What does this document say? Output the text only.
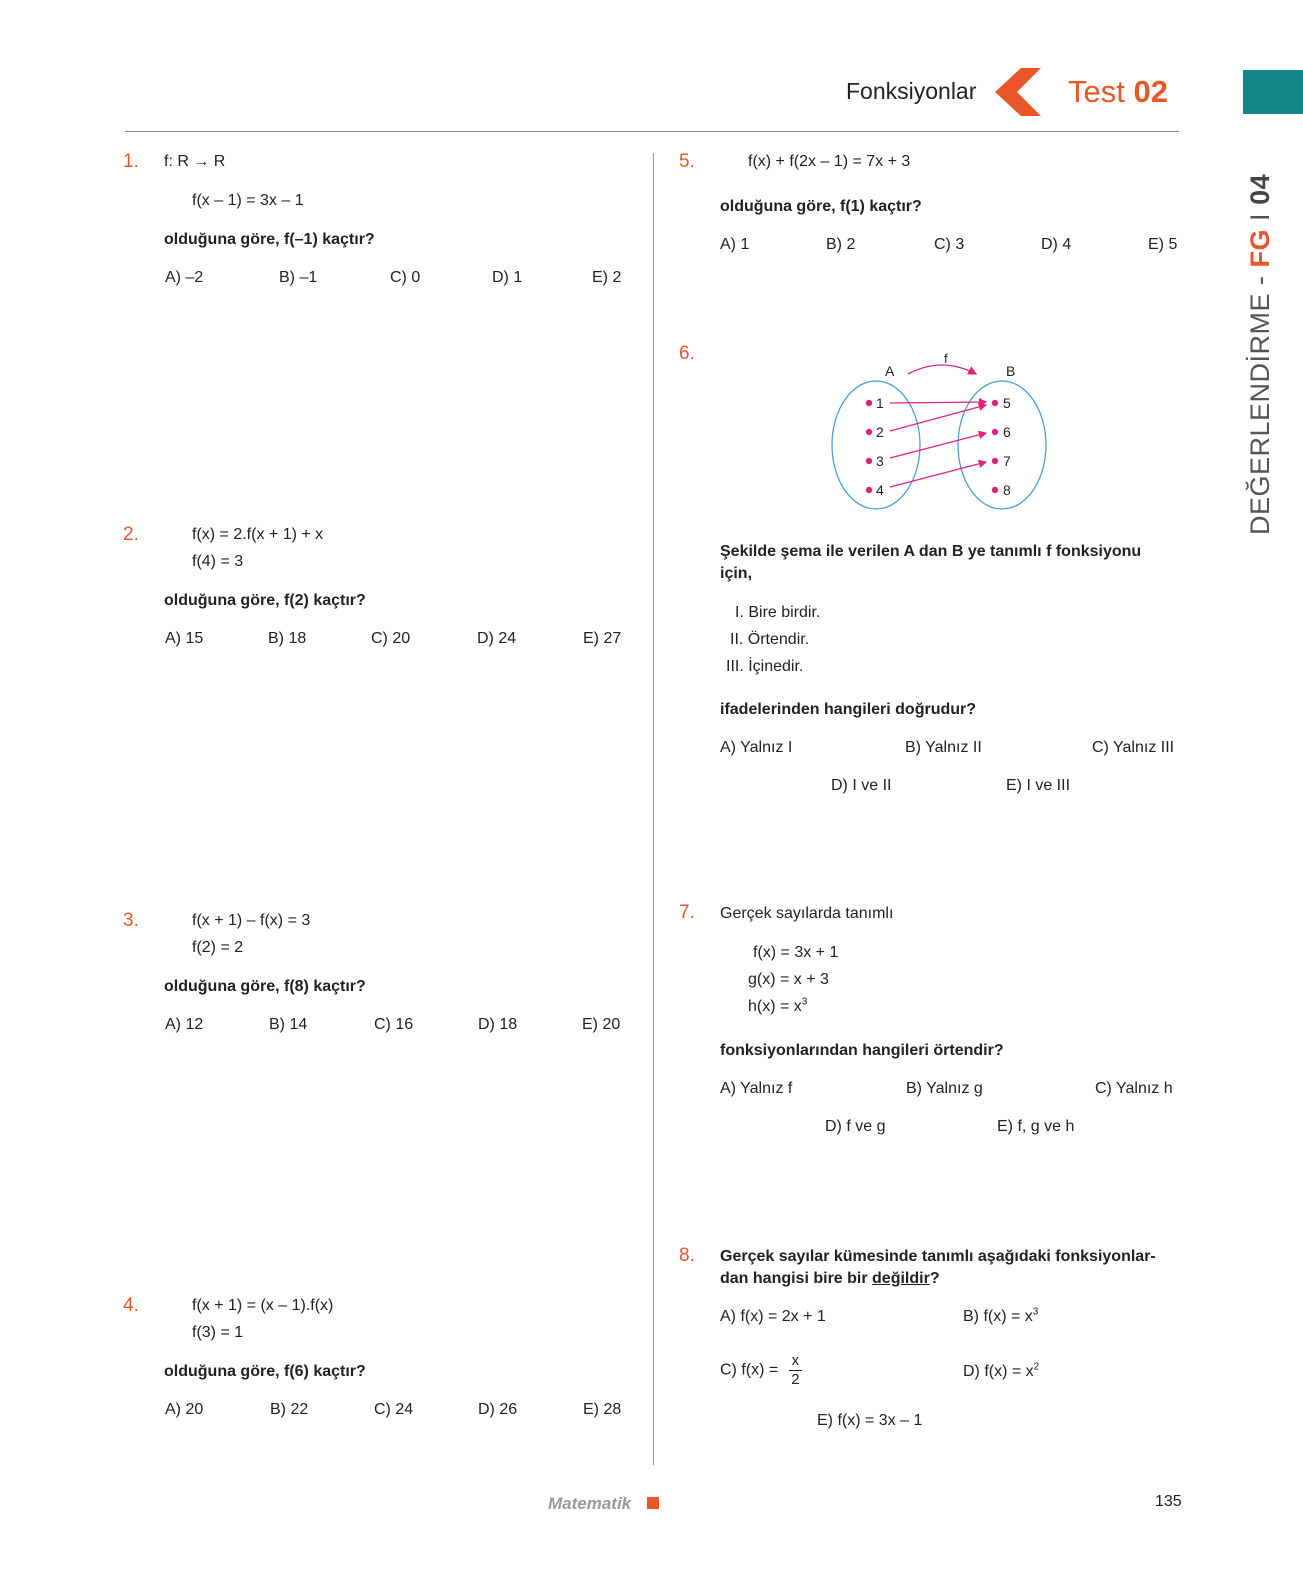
Fonksiyonlar	Test 02
DEĞERLENDİRME - FG I 04
1. f: R → R
f(x – 1) = 3x – 1
olduğuna göre, f(–1) kaçtır?
A) –2	B) –1	C) 0	D) 1	E) 2
2.	f(x) = 2.f(x + 1) + x
f(4) = 3
olduğuna göre, f(2) kaçtır?
A) 15	B) 18	C) 20	D) 24	E) 27
3.	f(x + 1) – f(x) = 3
f(2) = 2
olduğuna göre, f(8) kaçtır?
A) 12	B) 14	C) 16	D) 18	E) 20
4.	f(x + 1) = (x – 1).f(x)
f(3) = 1
olduğuna göre, f(6) kaçtır?
A) 20	B) 22	C) 24	D) 26	E) 28
5.	f(x) + f(2x – 1) = 7x + 3
olduğuna göre, f(1) kaçtır?
A) 1	B) 2	C) 3	D) 4	E) 5
6.
A	B
f
1
2
3
4
5
6
7
8
Şekilde şema ile verilen A dan B ye tanımlı f fonksiyonu
için,
I. Bire birdir.
II. Örtendir.
III. İçinedir.
ifadelerinden hangileri doğrudur?
A) Yalnız I	B) Yalnız II	C) Yalnız III
D) I ve II	E) I ve III
7. Gerçek sayılarda tanımlı
f(x) = 3x + 1
g(x) = x + 3
$h(x) = x^3$
fonksiyonlarından hangileri örtendir?
A) Yalnız f	B) Yalnız g	C) Yalnız h
D) f ve g	E) f, g ve h
8. Gerçek sayılar kümesinde tanımlı aşağıdaki fonksiyonlar-
dan hangisi bire bir değildir?
A) f(x) = 2x + 1	B) $f(x) = x^3$
C) $f(x) = \frac{x}{2}$	D) $f(x) = x^2$
E) f(x) = 3x – 1
Matematik	135
